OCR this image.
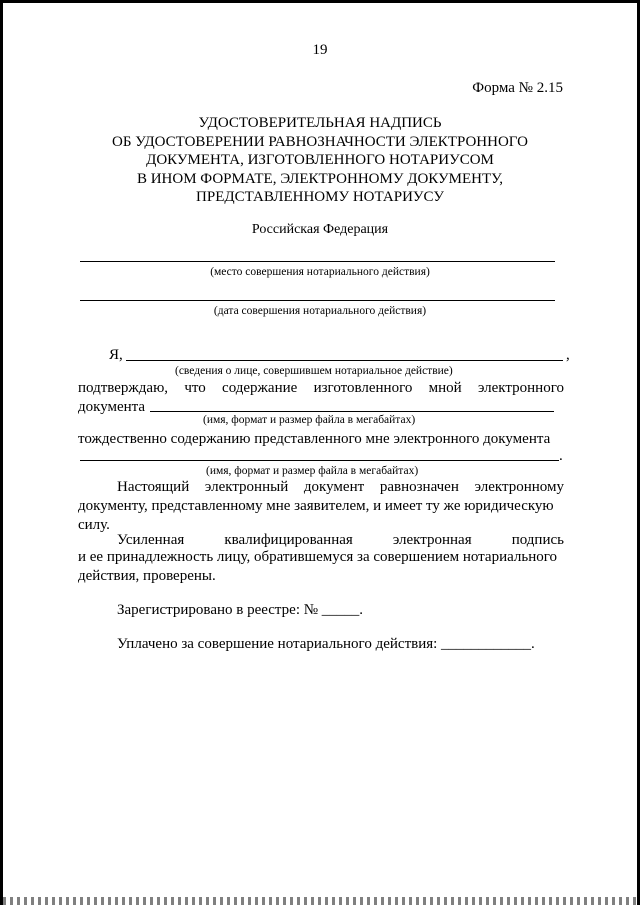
19
Форма № 2.15
УДОСТОВЕРИТЕЛЬНАЯ НАДПИСЬ
ОБ УДОСТОВЕРЕНИИ РАВНОЗНАЧНОСТИ ЭЛЕКТРОННОГО
ДОКУМЕНТА, ИЗГОТОВЛЕННОГО НОТАРИУСОМ
В ИНОМ ФОРМАТЕ, ЭЛЕКТРОННОМУ ДОКУМЕНТУ,
ПРЕДСТАВЛЕННОМУ НОТАРИУСУ
Российская Федерация
(место совершения нотариального действия)
(дата совершения нотариального действия)
Я,	,
(сведения о лице, совершившем нотариальное действие)
подтверждаю, что содержание изготовленного мной электронного
документа
(имя, формат и размер файла в мегабайтах)
тождественно содержанию представленного мне электронного документа
.
(имя, формат и размер файла в мегабайтах)
Настоящий электронный документ равнозначен электронному
документу, представленному мне заявителем, и имеет ту же юридическую
силу.
Усиленная	квалифицированная	электронная	подпись
и ее принадлежность лицу, обратившемуся за совершением нотариального
действия, проверены.
Зарегистрировано в реестре: № _____.
Уплачено за совершение нотариального действия: ____________.
